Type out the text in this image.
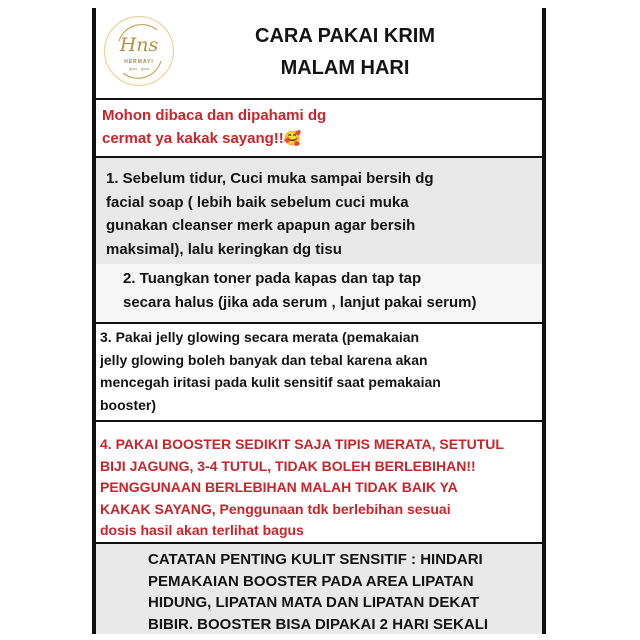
Hns
HERMAYI
glow · glow
CARA PAKAI KRIM
MALAM HARI

Mohon dibaca dan dipahami dg
cermat ya kakak sayang!!🥰

1. Sebelum tidur, Cuci muka sampai bersih dg
facial soap ( lebih baik sebelum cuci muka
gunakan cleanser merk apapun agar bersih
maksimal), lalu keringkan dg tisu

2. Tuangkan toner pada kapas dan tap tap
secara halus (jika ada serum , lanjut pakai serum)

3. Pakai jelly glowing secara merata (pemakaian
jelly glowing boleh banyak dan tebal karena akan
mencegah iritasi pada kulit sensitif saat pemakaian
booster)

4. PAKAI BOOSTER SEDIKIT SAJA TIPIS MERATA, SETUTUL
BIJI JAGUNG, 3-4 TUTUL, TIDAK BOLEH BERLEBIHAN!!
PENGGUNAAN BERLEBIHAN MALAH TIDAK BAIK YA
KAKAK SAYANG, Penggunaan tdk berlebihan sesuai
dosis hasil akan terlihat bagus

CATATAN PENTING KULIT SENSITIF : HINDARI
PEMAKAIAN BOOSTER PADA AREA LIPATAN
HIDUNG, LIPATAN MATA DAN LIPATAN DEKAT
BIBIR. BOOSTER BISA DIPAKAI 2 HARI SEKALI
